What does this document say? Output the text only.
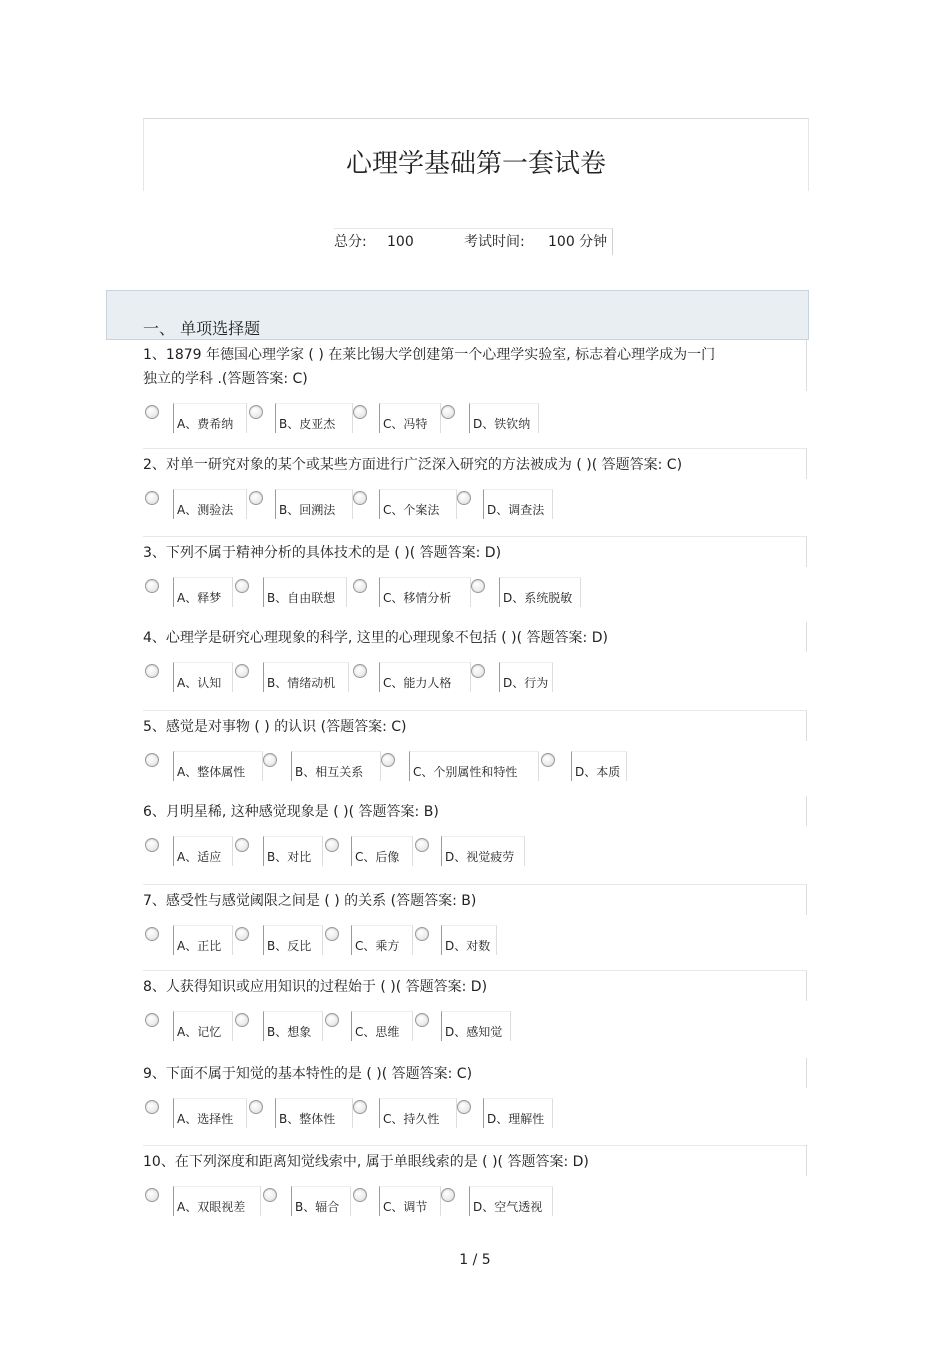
心理学基础第一套试卷
总分: 100	考试时间: 100 分钟
一、 单项选择题
1、1879 年德国心理学家 ( ) 在莱比锡大学创建第一个心理学实验室, 标志着心理学成为一门
独立的学科 .(答题答案: C)
A、费希纳	B、皮亚杰	C、冯特	D、铁钦纳
2、对单一研究对象的某个或某些方面进行广泛深入研究的方法被成为 ( )( 答题答案: C)
A、测验法	B、回溯法	C、个案法	D、调查法
3、下列不属于精神分析的具体技术的是 ( )( 答题答案: D)
A、释梦	B、自由联想	C、移情分析	D、系统脱敏
4、心理学是研究心理现象的科学, 这里的心理现象不包括 ( )( 答题答案: D)
A、认知	B、情绪动机	C、能力人格	D、行为
5、感觉是对事物 ( ) 的认识 (答题答案: C)
A、整体属性	B、相互关系	C、个别属性和特性	D、本质
6、月明星稀, 这种感觉现象是 ( )( 答题答案: B)
A、适应	B、对比	C、后像	D、视觉疲劳
7、感受性与感觉阈限之间是 ( ) 的关系 (答题答案: B)
A、正比	B、反比	C、乘方	D、对数
8、人获得知识或应用知识的过程始于 ( )( 答题答案: D)
A、记忆	B、想象	C、思维	D、感知觉
9、下面不属于知觉的基本特性的是 ( )( 答题答案: C)
A、选择性	B、整体性	C、持久性	D、理解性
10、在下列深度和距离知觉线索中, 属于单眼线索的是 ( )( 答题答案: D)
A、双眼视差	B、辐合	C、调节	D、空气透视
1 / 5
